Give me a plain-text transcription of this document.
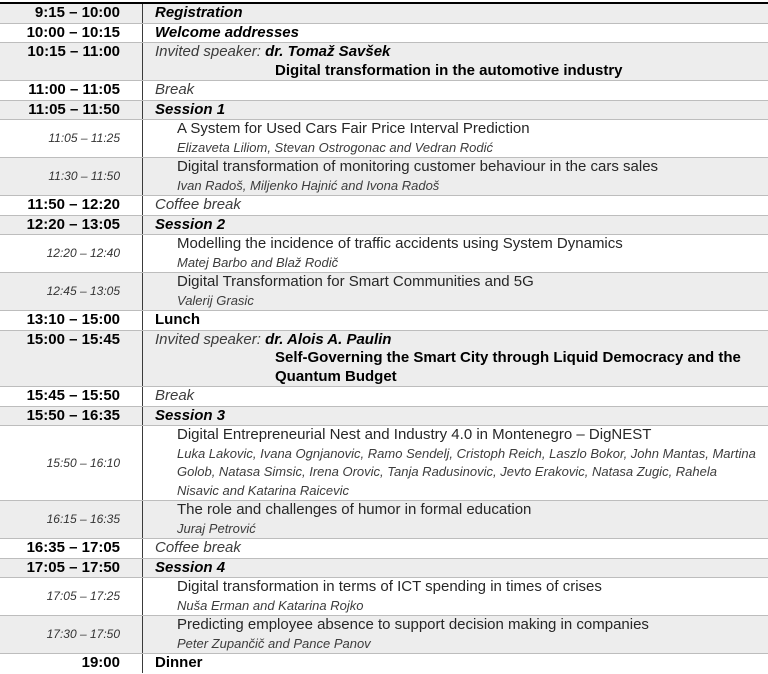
9:15 – 10:00 Registration
10:00 – 10:15 Welcome addresses
10:15 – 11:00 Invited speaker: dr. Tomaž Savšek
Digital transformation in the automotive industry
11:00 – 11:05 Break
11:05 – 11:50 Session 1
11:05 – 11:25
A System for Used Cars Fair Price Interval Prediction
Elizaveta Liliom, Stevan Ostrogonac and Vedran Rodić
11:30 – 11:50
Digital transformation of monitoring customer behaviour in the cars sales
Ivan Radoš, Miljenko Hajnić and Ivona Radoš
11:50 – 12:20 Coffee break
12:20 – 13:05 Session 2
12:20 – 12:40
Modelling the incidence of traffic accidents using System Dynamics
Matej Barbo and Blaž Rodič
12:45 – 13:05
Digital Transformation for Smart Communities and 5G
Valerij Grasic
13:10 – 15:00 Lunch
15:00 – 15:45 Invited speaker: dr. Alois A. Paulin
Self-Governing the Smart City through Liquid Democracy and the Quantum Budget
15:45 – 15:50 Break
15:50 – 16:35 Session 3
15:50 – 16:10
Digital Entrepreneurial Nest and Industry 4.0 in Montenegro – DigNEST
Luka Lakovic, Ivana Ognjanovic, Ramo Sendelj, Cristoph Reich, Laszlo Bokor, John Mantas, Martina Golob, Natasa Simsic, Irena Orovic, Tanja Radusinovic, Jevto Erakovic, Natasa Zugic, Rahela Nisavic and Katarina Raicevic
16:15 – 16:35
The role and challenges of humor in formal education
Juraj Petrović
16:35 – 17:05 Coffee break
17:05 – 17:50 Session 4
17:05 – 17:25
Digital transformation in terms of ICT spending in times of crises
Nuša Erman and Katarina Rojko
17:30 – 17:50
Predicting employee absence to support decision making in companies
Peter Zupančič and Pance Panov
19:00 Dinner
